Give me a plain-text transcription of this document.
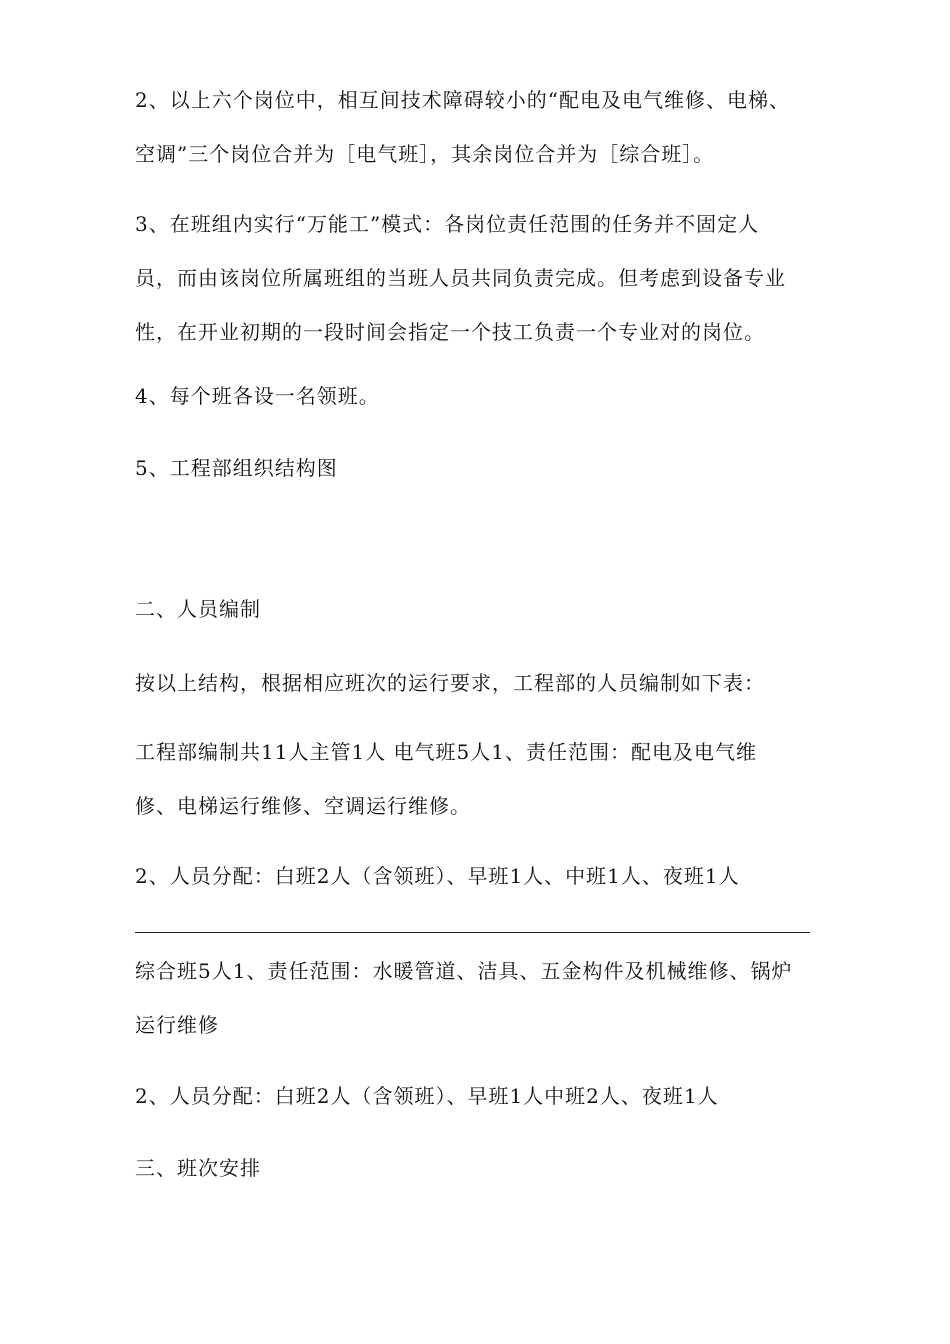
2、以上六个岗位中，相互间技术障碍较小的“配电及电气维修、电梯、
空调”三个岗位合并为［电气班］，其余岗位合并为［综合班］。

3、在班组内实行“万能工”模式：各岗位责任范围的任务并不固定人
员，而由该岗位所属班组的当班人员共同负责完成。但考虑到设备专业
性，在开业初期的一段时间会指定一个技工负责一个专业对的岗位。

4、每个班各设一名领班。

5、工程部组织结构图

二、人员编制

按以上结构，根据相应班次的运行要求，工程部的人员编制如下表：

工程部编制共11人主管1人 电气班5人1、责任范围：配电及电气维
修、电梯运行维修、空调运行维修。

2、人员分配：白班2人（含领班）、早班1人、中班1人、夜班1人

综合班5人1、责任范围：水暖管道、洁具、五金构件及机械维修、锅炉
运行维修

2、人员分配：白班2人（含领班）、早班1人中班2人、夜班1人

三、班次安排
